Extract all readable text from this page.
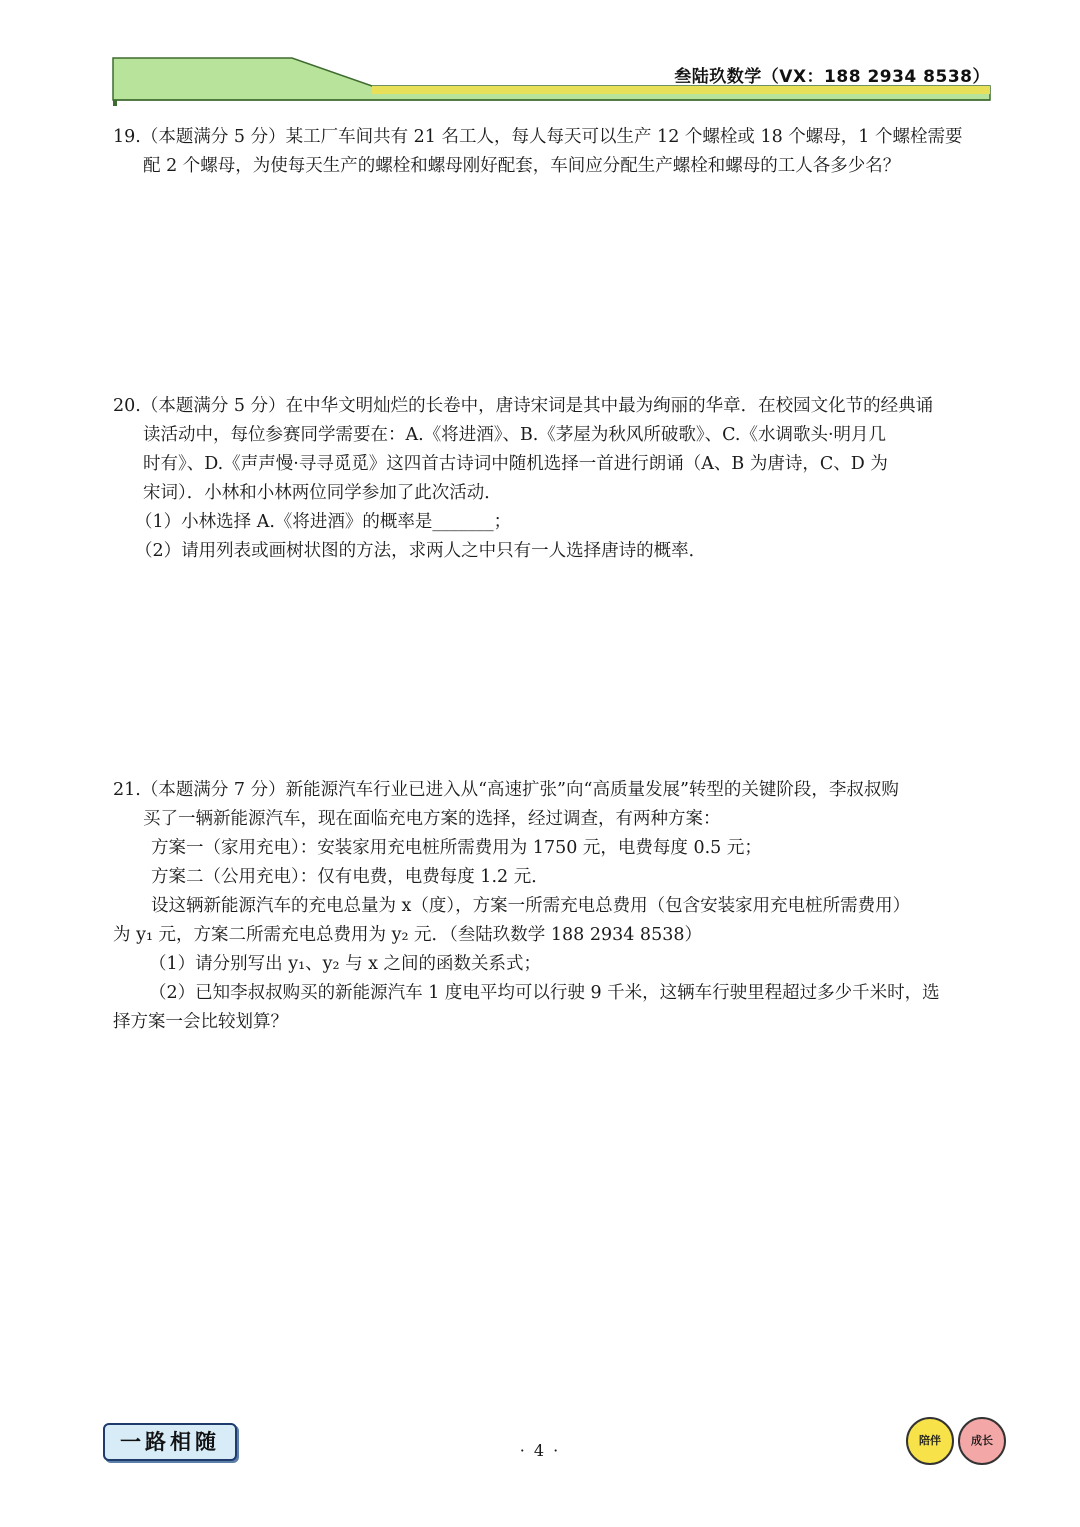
叁陆玖数学（VX：188 2934 8538）

19.（本题满分 5 分）某工厂车间共有 21 名工人，每人每天可以生产 12 个螺栓或 18 个螺母，1 个螺栓需要

配 2 个螺母，为使每天生产的螺栓和螺母刚好配套，车间应分配生产螺栓和螺母的工人各多少名？

20.（本题满分 5 分）在中华文明灿烂的长卷中，唐诗宋词是其中最为绚丽的华章．在校园文化节的经典诵

读活动中，每位参赛同学需要在：A.《将进酒》、B.《茅屋为秋风所破歌》、C.《水调歌头·明月几

时有》、D.《声声慢·寻寻觅觅》这四首古诗词中随机选择一首进行朗诵（A、B 为唐诗，C、D 为

宋词）．小林和小林两位同学参加了此次活动．

（1）小林选择 A.《将进酒》的概率是_______；

（2）请用列表或画树状图的方法，求两人之中只有一人选择唐诗的概率．

21.（本题满分 7 分）新能源汽车行业已进入从“高速扩张”向“高质量发展”转型的关键阶段，李叔叔购

买了一辆新能源汽车，现在面临充电方案的选择，经过调查，有两种方案：

方案一（家用充电）：安装家用充电桩所需费用为 1750 元，电费每度 0.5 元；

方案二（公用充电）：仅有电费，电费每度 1.2 元．

设这辆新能源汽车的充电总量为 x（度），方案一所需充电总费用（包含安装家用充电桩所需费用）

为 y₁ 元，方案二所需充电总费用为 y₂ 元．（叁陆玖数学 188 2934 8538）

（1）请分别写出 y₁、y₂ 与 x 之间的函数关系式；

（2）已知李叔叔购买的新能源汽车 1 度电平均可以行驶 9 千米，这辆车行驶里程超过多少千米时，选

择方案一会比较划算？

一路相随	· 4 ·
陪伴	成长
